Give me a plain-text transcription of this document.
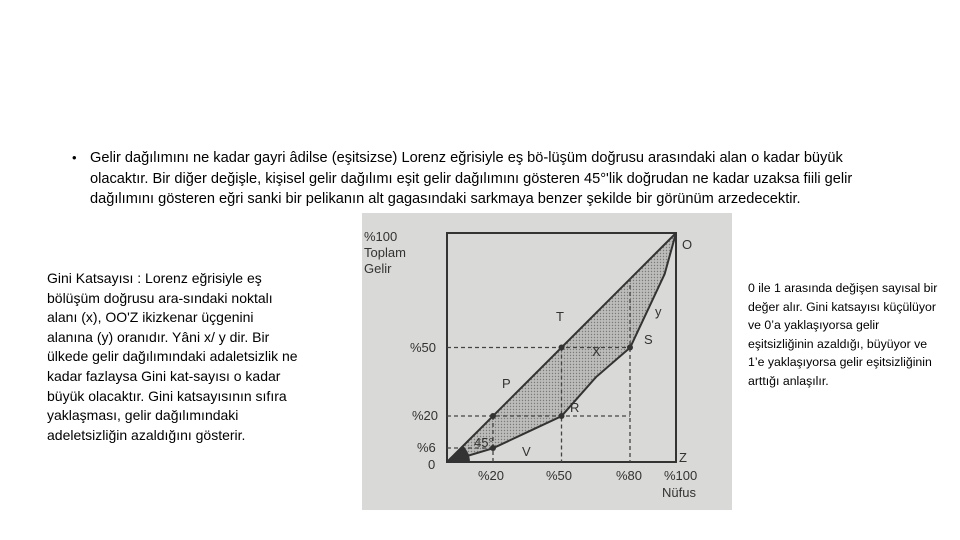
• Gelir dağılımını ne kadar gayri âdilse (eşitsizse) Lorenz eğrisiyle eş bö-lüşüm doğrusu arasındaki alan o kadar büyük olacaktır. Bir diğer değişle, kişisel gelir dağılımı eşit gelir dağılımını gösteren 45°'lik doğrudan ne kadar uzaksa fiili gelir dağılımını gösteren eğri sanki bir pelikanın alt gagasındaki sarkmaya benzer şekilde bir görünüm arzedecektir.
Gini Katsayısı : Lorenz eğrisiyle eş bölüşüm doğrusu ara-sındaki noktalı alanı (x), OO'Z ikizkenar üçgenini alanına (y) oranıdır. Yâni x/ y dir. Bir ülkede gelir dağılımındaki adaletsizlik ne kadar fazlaysa Gini kat-sayısı o kadar büyük olacaktır. Gini katsayısının sıfıra yaklaşması, gelir dağılımındaki adeletsizliğin azaldığını gösterir.
0 ile 1 arasında değişen sayısal bir değer alır. Gini katsayısı küçülüyor ve 0’a yaklaşıyorsa gelir eşitsizliğinin azaldığı, büyüyor ve 1’e yaklaşıyorsa gelir eşitsizliğinin arttığı anlaşılır.
%100
Toplam
Gelir
%50
%20
%6
0
%20	%50	%80 %100
Nüfus
O
T
S
P
R
V	Z
X
y
45°
